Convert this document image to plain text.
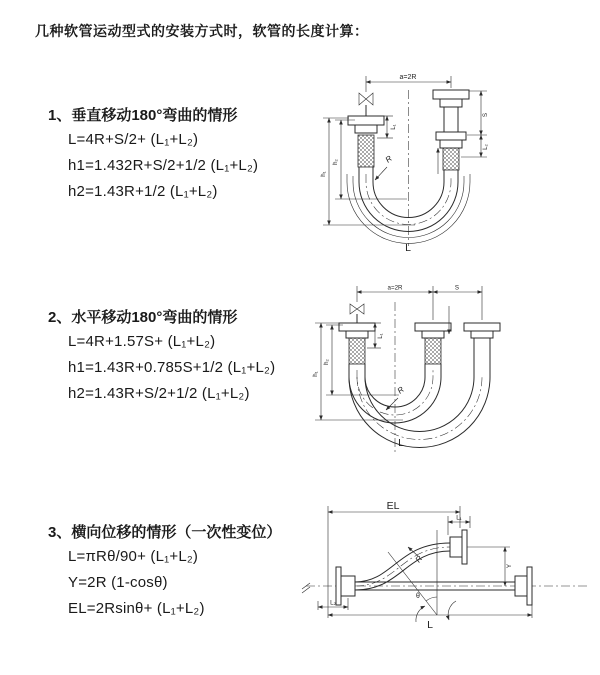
几种软管运动型式的安装方式时，软管的长度计算：
1、垂直移动180°弯曲的情形
L=4R+S/2+ (L₁+L₂)
h1=1.432R+S/2+1/2 (L₁+L₂)
h2=1.43R+1/2 (L₁+L₂)
a=2R
L₁
R
L
h₁
h₂
S
L₂
2、水平移动180°弯曲的情形
L=4R+1.57S+ (L₁+L₂)
h1=1.43R+0.785S+1/2 (L₁+L₂)
h2=1.43R+S/2+1/2 (L₁+L₂)
a=2R	S
L₁
R
L
h₁
h₂
3、横向位移的情形（一次性变位）
L=πRθ/90+ (L₁+L₂)
Y=2R (1-cosθ)
EL=2Rsinθ+ (L₁+L₂)
EL
L₁
Y
θ
R
L₂
L
